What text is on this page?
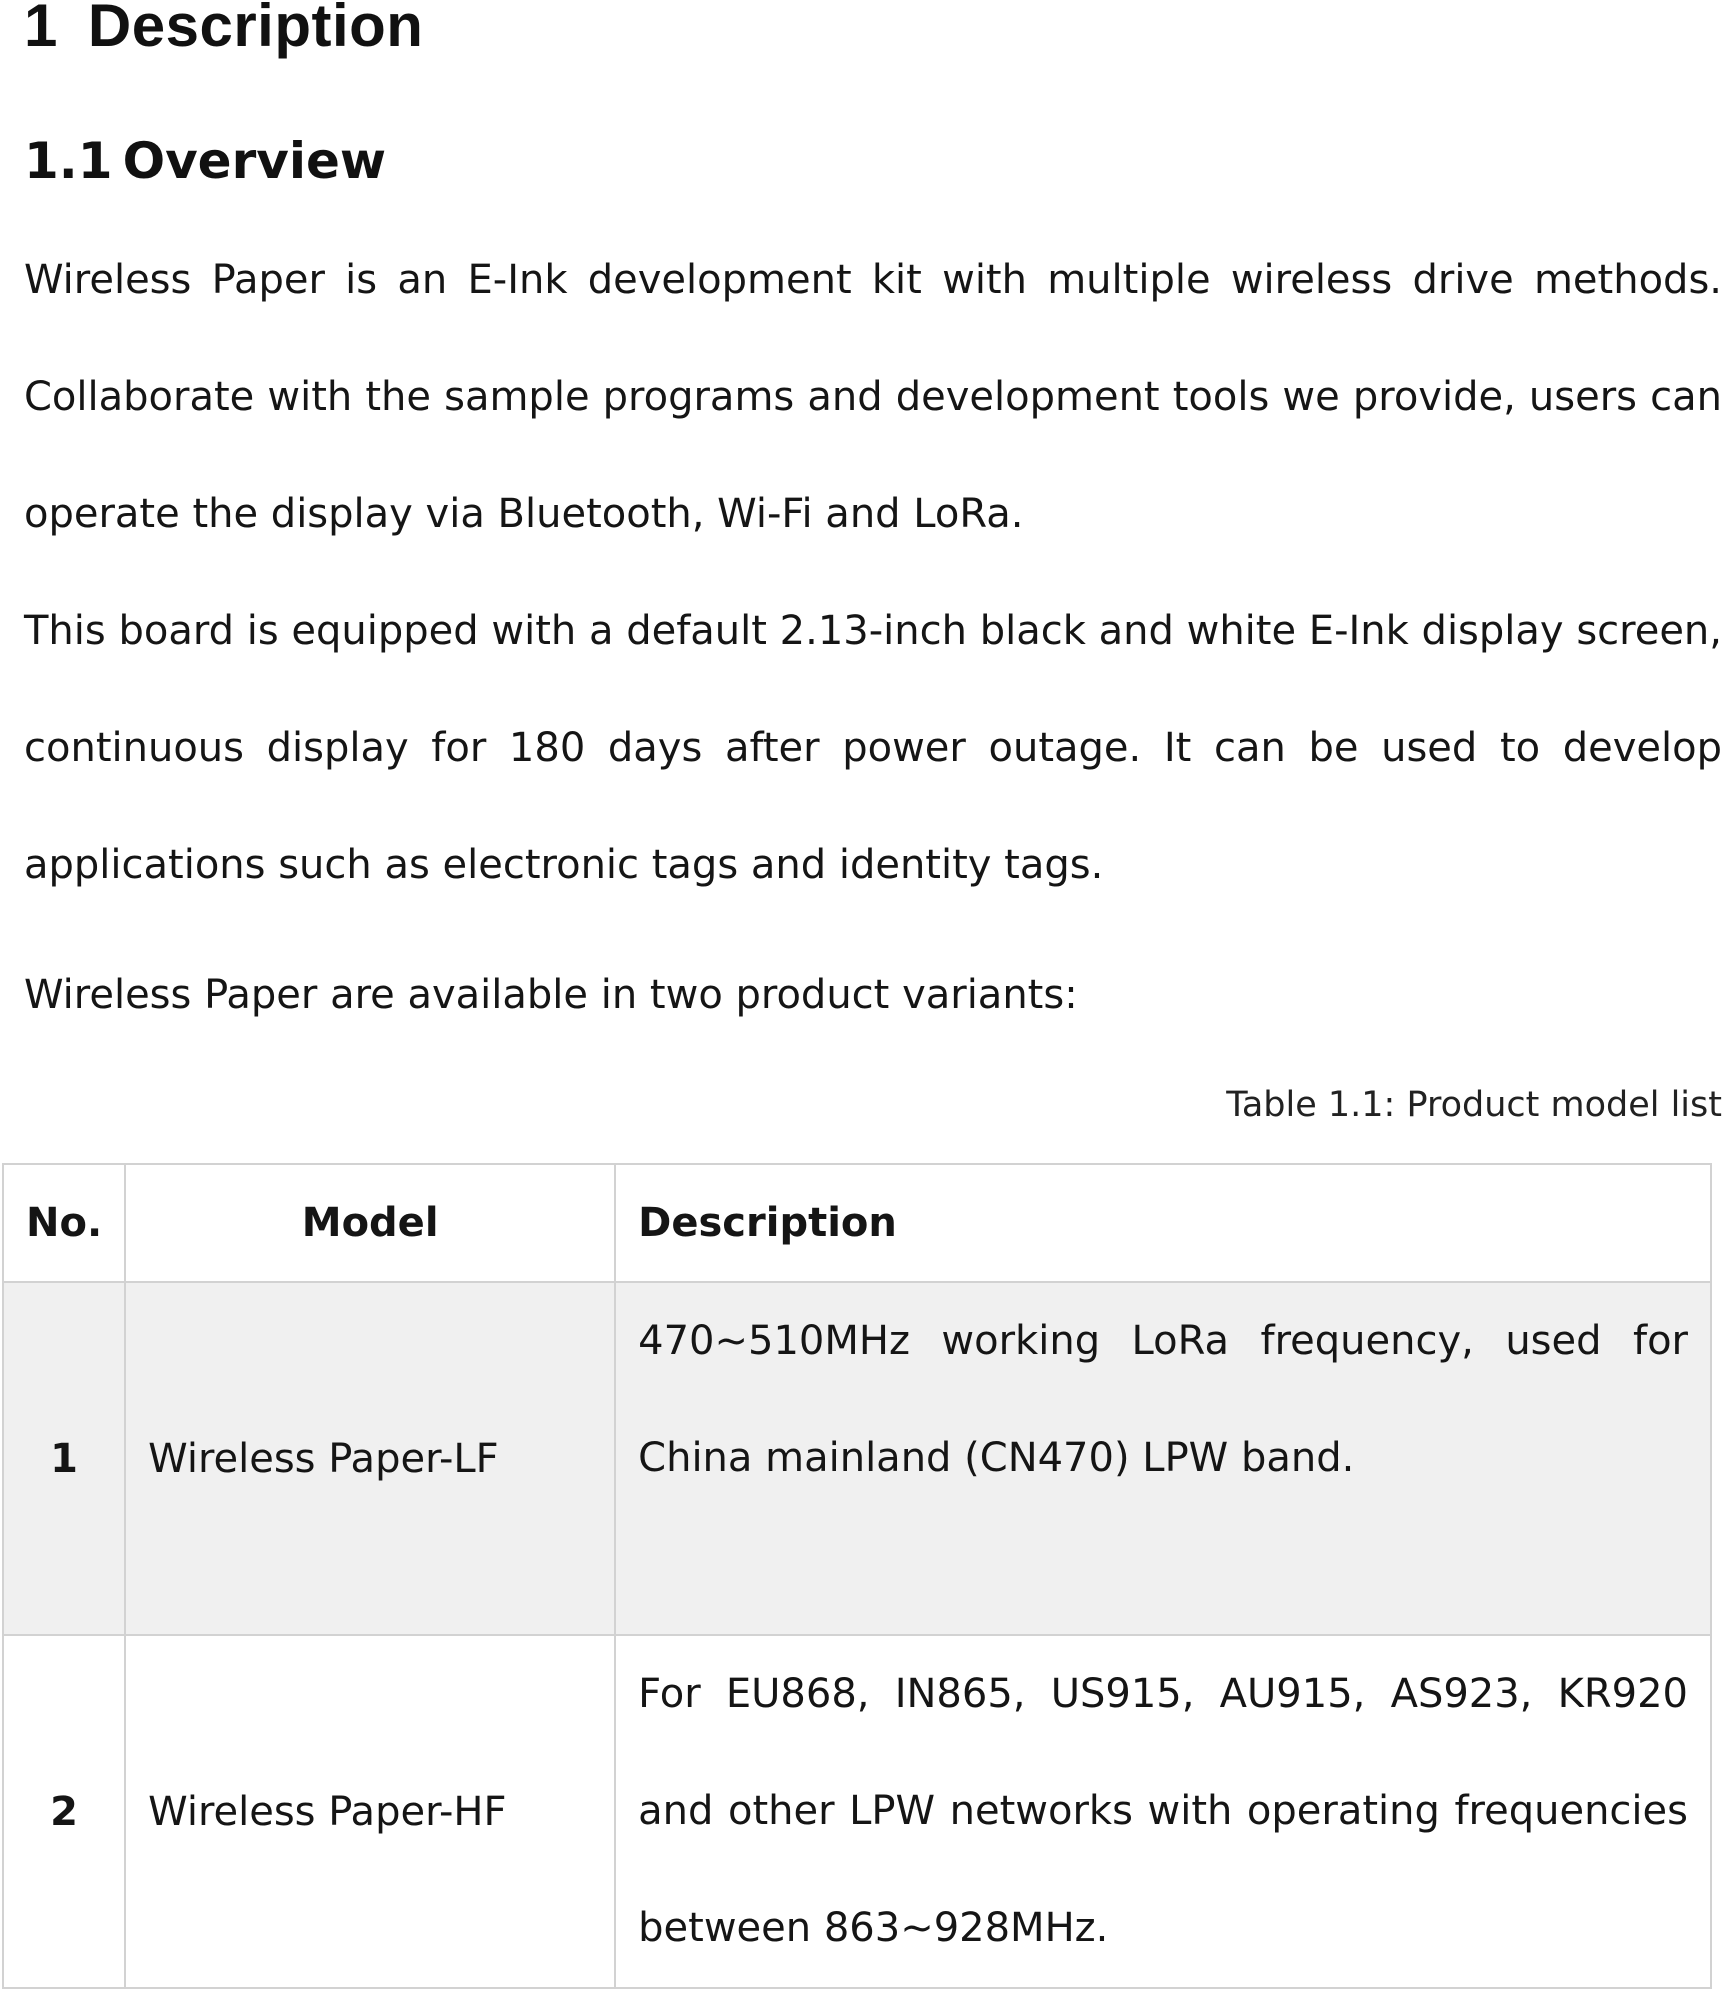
1 Description
1.1 Overview

Wireless Paper is an E-Ink development kit with multiple wireless drive methods. Collaborate with the sample programs and development tools we provide, users can operate the display via Bluetooth, Wi-Fi and LoRa.

This board is equipped with a default 2.13-inch black and white E-Ink display screen, continuous display for 180 days after power outage. It can be used to develop applications such as electronic tags and identity tags.

Wireless Paper are available in two product variants:

Table 1.1: Product model list

No.	Model	Description
1	Wireless Paper-LF	470~510MHz working LoRa frequency, used for China mainland (CN470) LPW band.

2	Wireless Paper-HF	For EU868, IN865, US915, AU915, AS923, KR920 and other LPW networks with operating frequencies between 863~928MHz.
